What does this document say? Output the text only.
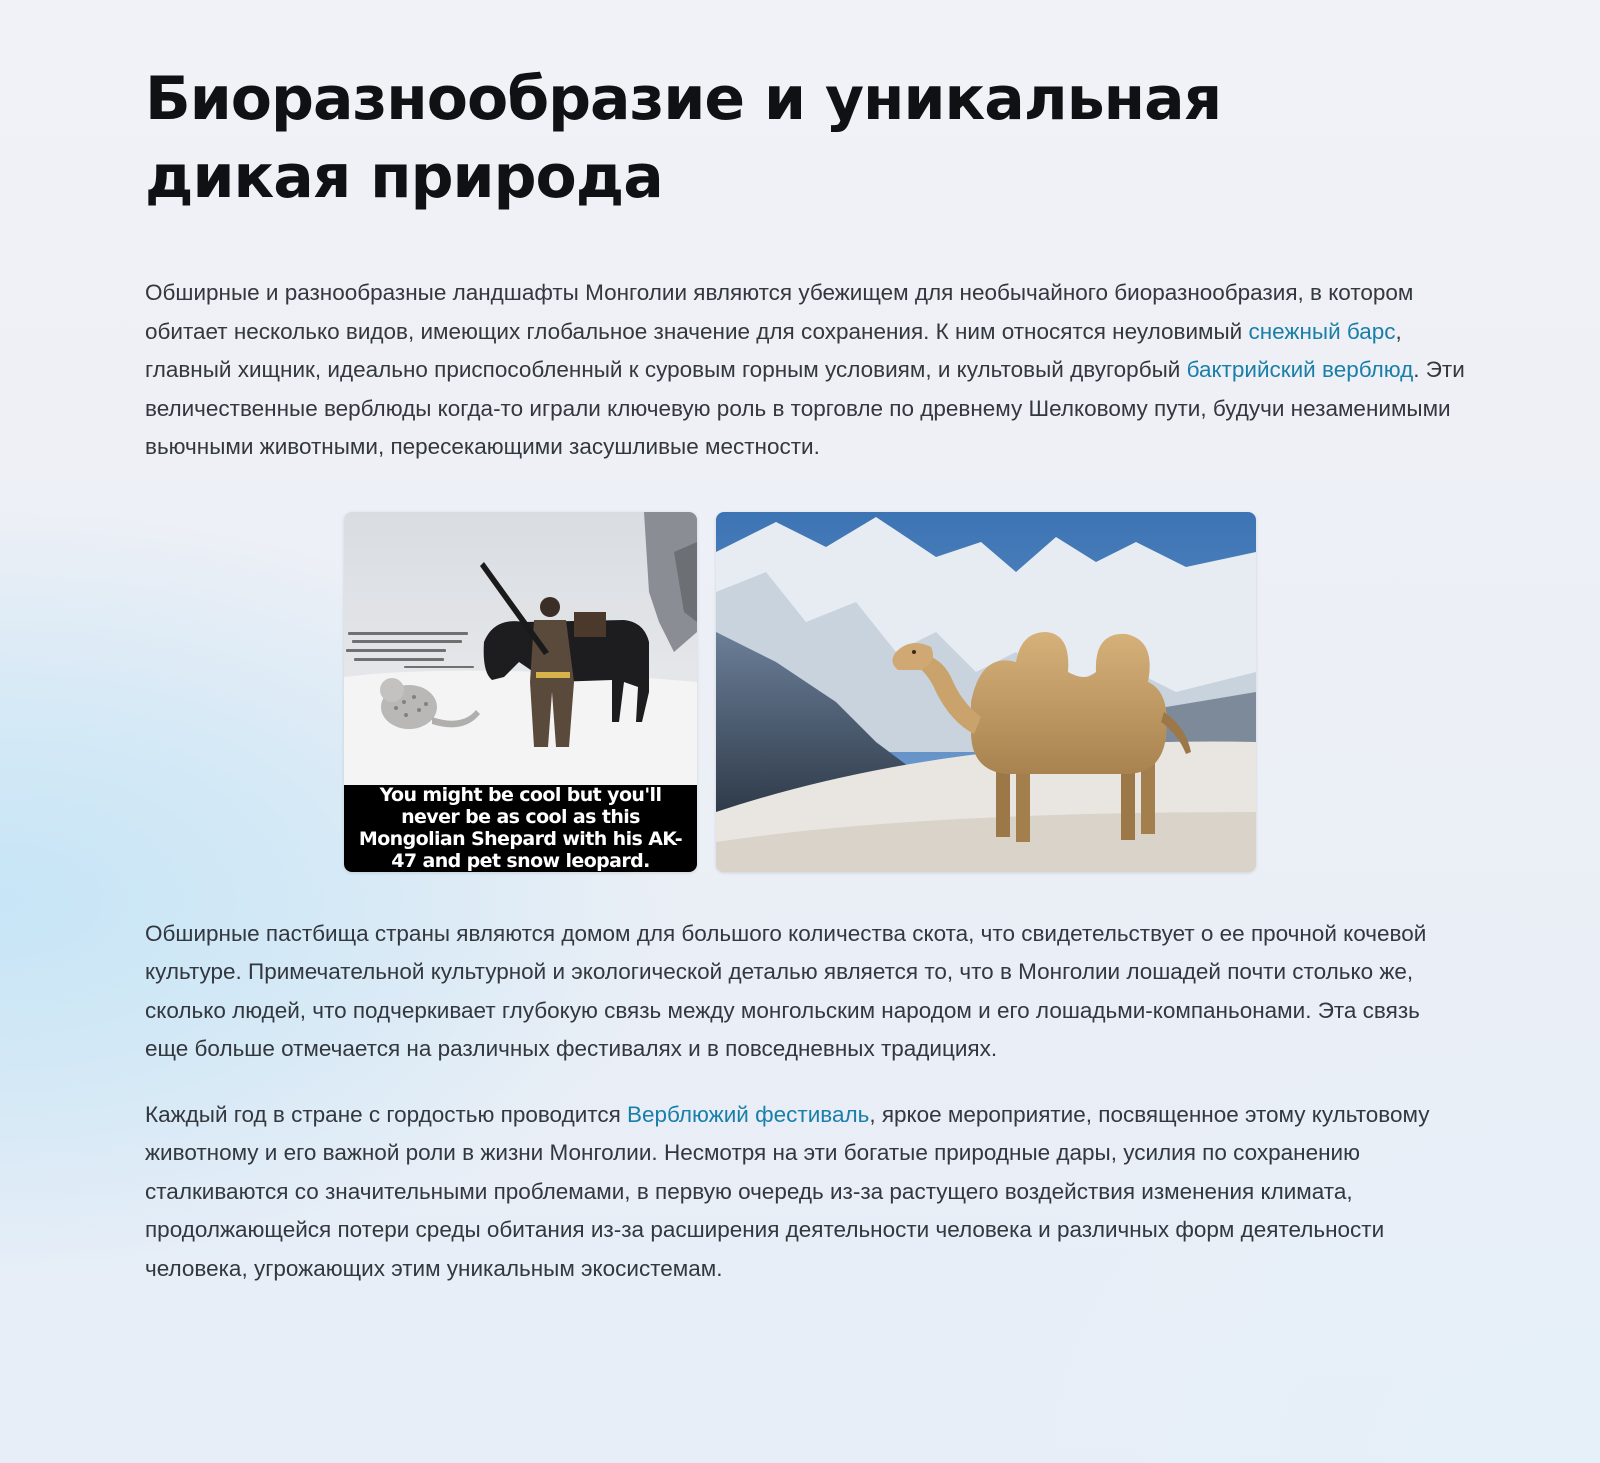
Биоразнообразие и уникальная дикая природа

Обширные и разнообразные ландшафты Монголии являются убежищем для необычайного биоразнообразия, в котором обитает несколько видов, имеющих глобальное значение для сохранения. К ним относятся неуловимый снежный барс, главный хищник, идеально приспособленный к суровым горным условиям, и культовый двугорбый бактрийский верблюд. Эти величественные верблюды когда-то играли ключевую роль в торговле по древнему Шелковому пути, будучи незаменимыми вьючными животными, пересекающими засушливые местности.

You might be cool but you'll never be as cool as this Mongolian Shepard with his AK-47 and pet snow leopard.

Обширные пастбища страны являются домом для большого количества скота, что свидетельствует о ее прочной кочевой культуре. Примечательной культурной и экологической деталью является то, что в Монголии лошадей почти столько же, сколько людей, что подчеркивает глубокую связь между монгольским народом и его лошадьми-компаньонами. Эта связь еще больше отмечается на различных фестивалях и в повседневных традициях.

Каждый год в стране с гордостью проводится Верблюжий фестиваль, яркое мероприятие, посвященное этому культовому животному и его важной роли в жизни Монголии. Несмотря на эти богатые природные дары, усилия по сохранению сталкиваются со значительными проблемами, в первую очередь из-за растущего воздействия изменения климата, продолжающейся потери среды обитания из-за расширения деятельности человека и различных форм деятельности человека, угрожающих этим уникальным экосистемам.
